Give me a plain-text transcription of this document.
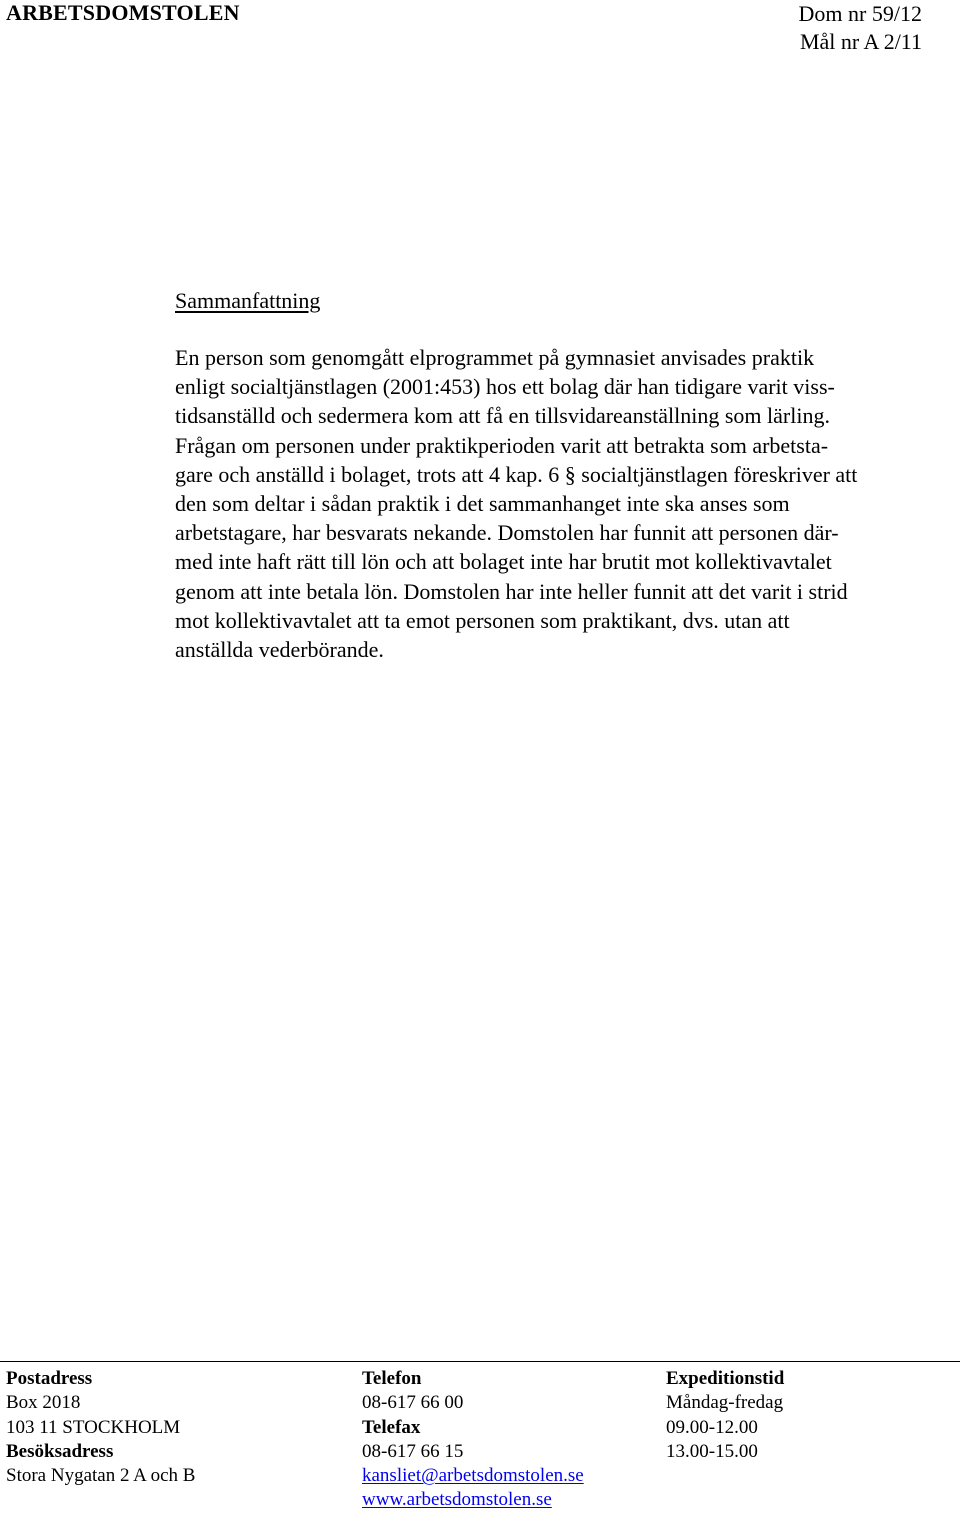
ARBETSDOMSTOLEN	Dom nr 59/12
Mål nr A 2/11
Sammanfattning
En person som genomgått elprogrammet på gymnasiet anvisades praktik
enligt socialtjänstlagen (2001:453) hos ett bolag där han tidigare varit viss-
tidsanställd och sedermera kom att få en tillsvidareanställning som lärling.
Frågan om personen under praktikperioden varit att betrakta som arbetsta-
gare och anställd i bolaget, trots att 4 kap. 6 § socialtjänstlagen föreskriver att
den som deltar i sådan praktik i det sammanhanget inte ska anses som
arbetstagare, har besvarats nekande. Domstolen har funnit att personen där-
med inte haft rätt till lön och att bolaget inte har brutit mot kollektivavtalet
genom att inte betala lön. Domstolen har inte heller funnit att det varit i strid
mot kollektivavtalet att ta emot personen som praktikant, dvs. utan att
anställda vederbörande.
Postadress
Box 2018
103 11 STOCKHOLM
Besöksadress
Stora Nygatan 2 A och B
Telefon
08-617 66 00
Telefax
08-617 66 15
kansliet@arbetsdomstolen.se
www.arbetsdomstolen.se
Expeditionstid
Måndag-fredag
09.00-12.00
13.00-15.00
